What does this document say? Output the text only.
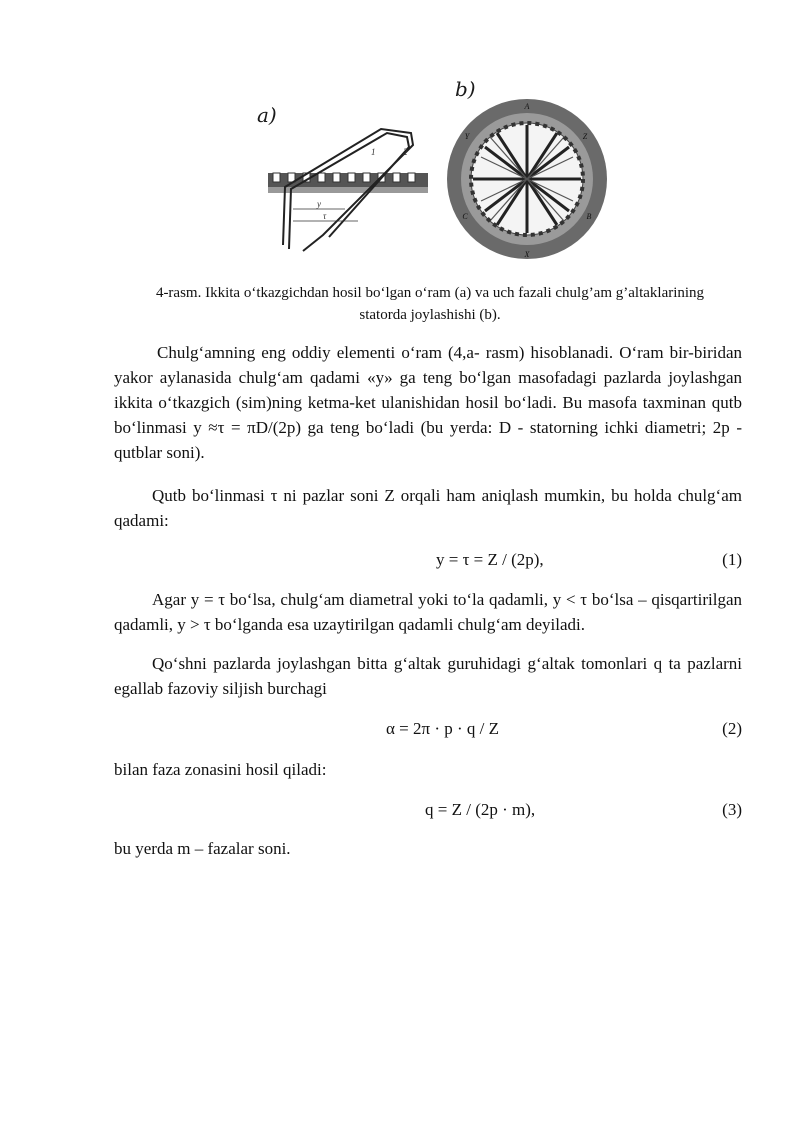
a)
b)
1	2
y
τ
A
Z
B
X
C
Y
4-rasm. Ikkita o‘tkazgichdan hosil bo‘lgan o‘ram (a) va uch fazali chulg’am g’altaklarining
statorda joylashishi (b).
Chulg‘amning eng oddiy elementi o‘ram (4,a- rasm) hisoblanadi. O‘ram bir-biridan yakor aylanasida chulg‘am qadami «y» ga teng bo‘lgan masofadagi pazlarda joylashgan ikkita o‘tkazgich (sim)ning ketma-ket ulanishidan hosil bo‘ladi. Bu masofa taxminan qutb bo‘linmasi y ≈τ = πD/(2p) ga teng bo‘ladi (bu yerda: D - statorning ichki diametri; 2p - qutblar soni).
Qutb bo‘linmasi τ ni pazlar soni Z orqali ham aniqlash mumkin, bu holda chulg‘am qadami:
y = τ = Z / (2p),	(1)
Agar y = τ bo‘lsa, chulg‘am diametral yoki to‘la qadamli, y < τ bo‘lsa – qisqartirilgan qadamli, y > τ bo‘lganda esa uzaytirilgan qadamli chulg‘am deyiladi.
Qo‘shni pazlarda joylashgan bitta g‘altak guruhidagi g‘altak tomonlari q ta pazlarni egallab fazoviy siljish burchagi
α = 2π · p · q / Z	(2)
bilan faza zonasini hosil qiladi:
q = Z / (2p · m),	(3)
bu yerda m – fazalar soni.
